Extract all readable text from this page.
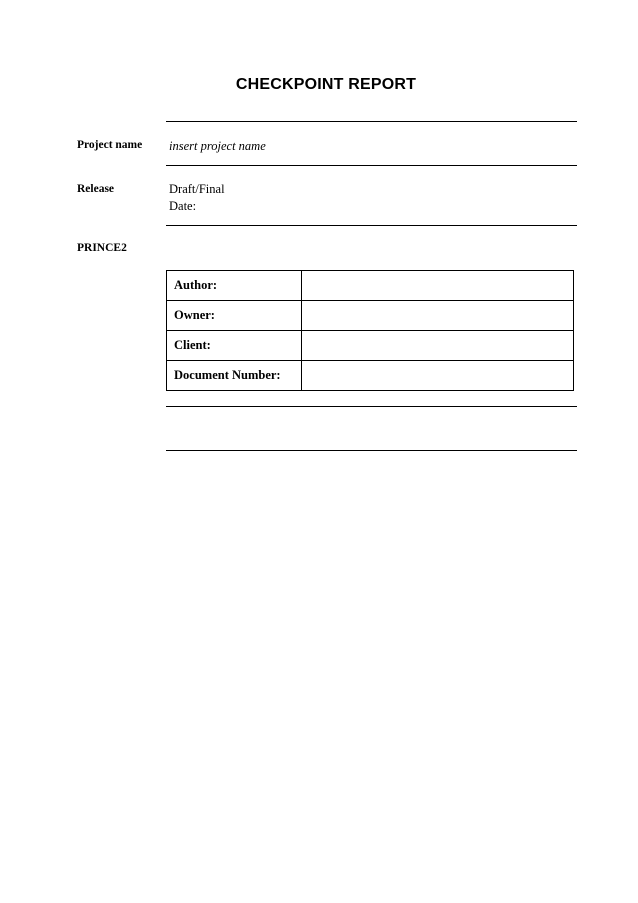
CHECKPOINT REPORT
Project name insert project name
Release	Draft/Final
Date:
PRINCE2
Author:	
Owner:	
Client:	
Document Number:	
